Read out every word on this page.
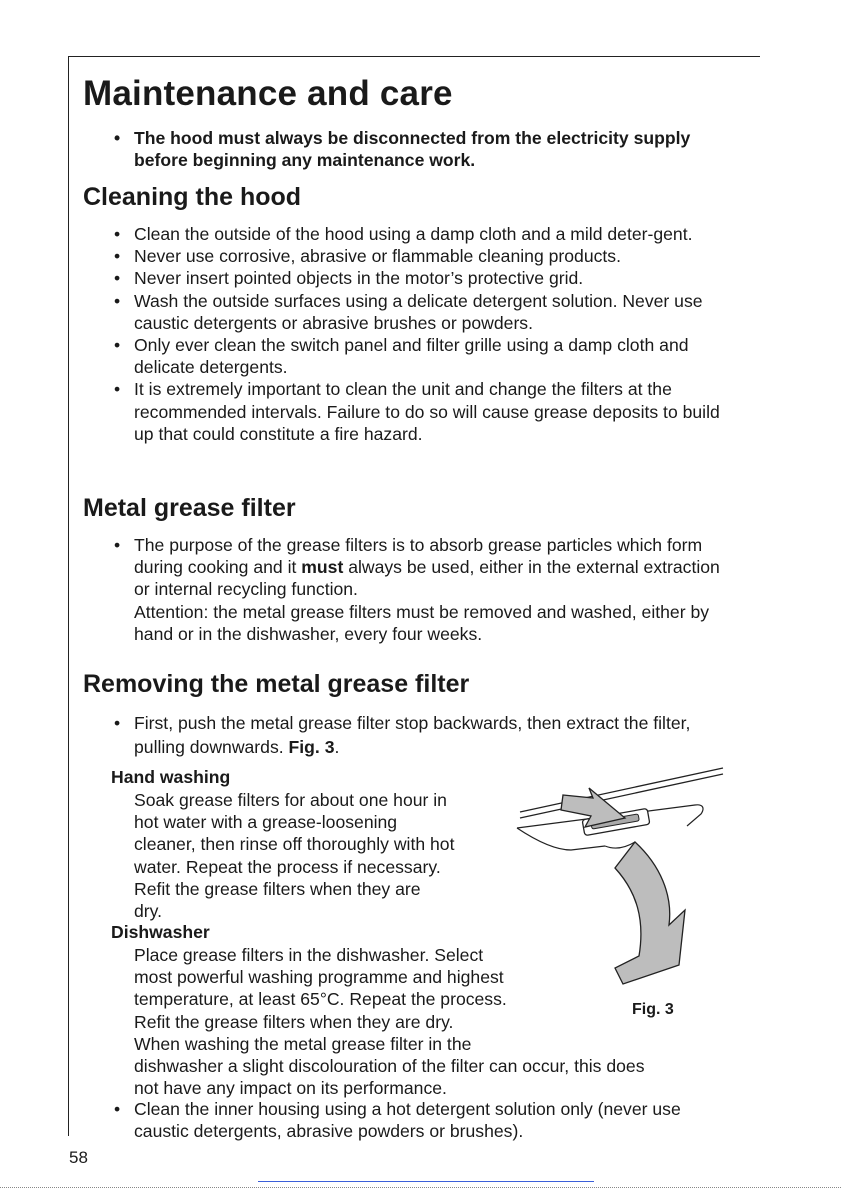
Maintenance and care
• The hood must always be disconnected from the electricity supply before beginning any maintenance work.
Cleaning the hood
• Clean the outside of the hood using a damp cloth and a mild deter-gent.
• Never use corrosive, abrasive or flammable cleaning products.
• Never insert pointed objects in the motor’s protective grid.
• Wash the outside surfaces using a delicate detergent solution. Never use caustic detergents or abrasive brushes or powders.
• Only ever clean the switch panel and filter grille using a damp cloth and delicate detergents.
• It is extremely important to clean the unit and change the filters at the recommended intervals. Failure to do so will cause grease deposits to build up that could constitute a fire hazard.
Metal grease filter
• The purpose of the grease filters is to absorb grease particles which form during cooking and it must always be used, either in the external extraction or internal recycling function.
Attention: the metal grease filters must be removed and washed, either by hand or in the dishwasher, every four weeks.
Removing the metal grease filter
• First, push the metal grease filter stop backwards, then extract the filter, pulling downwards. Fig. 3.
Hand washing
Soak grease filters for about one hour in
hot water with a grease-loosening
cleaner, then rinse off thoroughly with hot
water. Repeat the process if necessary.
Refit the grease filters when they are
dry.
Dishwasher
Place grease filters in the dishwasher. Select
most powerful washing programme and highest
temperature, at least 65°C. Repeat the process.
Refit the grease filters when they are dry.
When washing the metal grease filter in the
dishwasher a slight discolouration of the filter can occur, this does
not have any impact on its performance.
• Clean the inner housing using a hot detergent solution only (never use caustic detergents, abrasive powders or brushes).
Fig. 3
58
